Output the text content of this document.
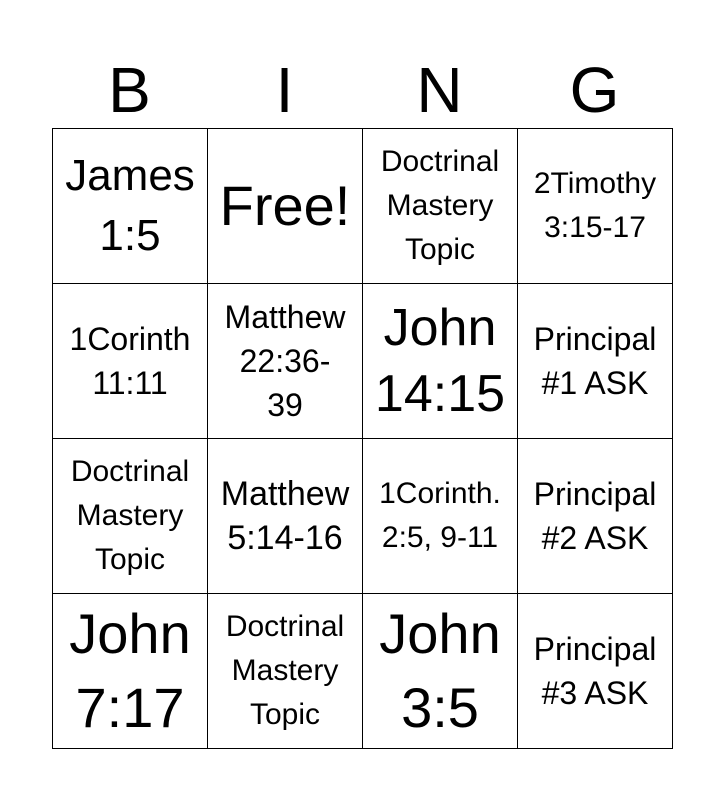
B	I	N	G
James
1:5	Free!	Doctrinal
Mastery
Topic	2Timothy
3:15-17

1Corinth
11:11	Matthew
22:36-
39	John
14:15	Principal
#1 ASK

Doctrinal
Mastery
Topic	Matthew
5:14-16	1Corinth.
2:5, 9-11	Principal
#2 ASK

John
7:17	Doctrinal
Mastery
Topic	John
3:5	Principal
#3 ASK
